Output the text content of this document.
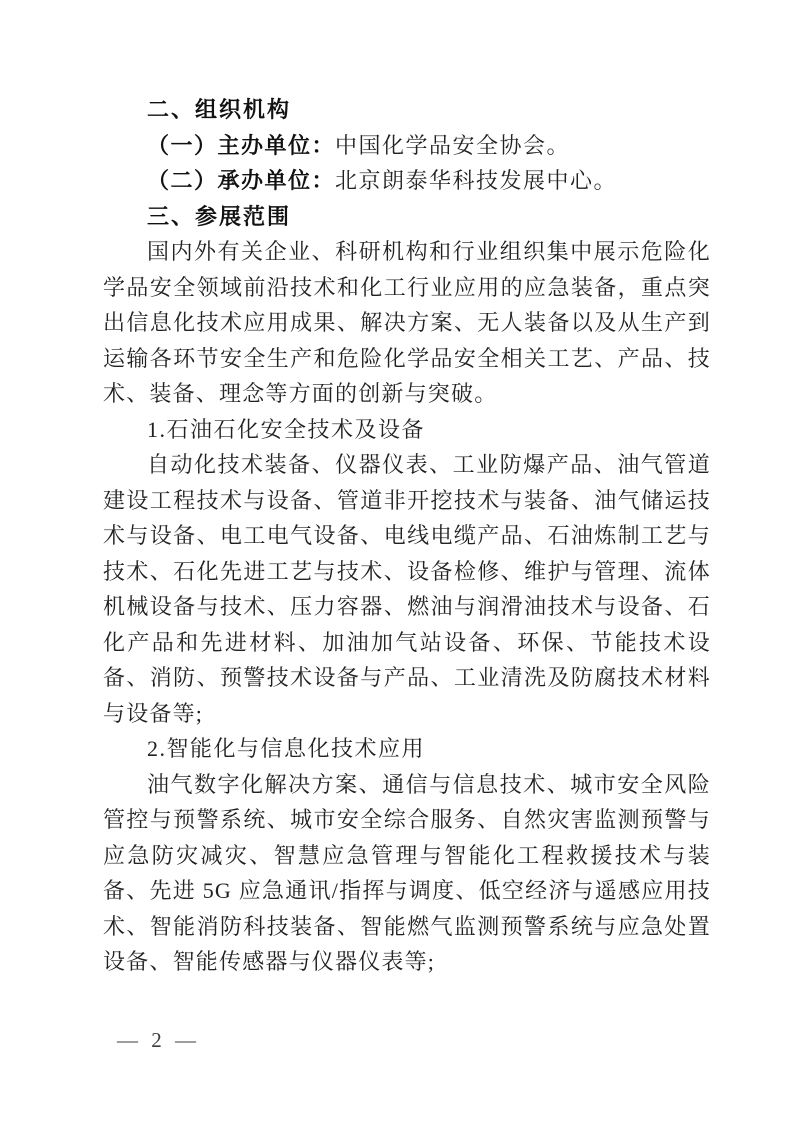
二、组织机构

（一）主办单位：中国化学品安全协会。

（二）承办单位：北京朗泰华科技发展中心。

三、参展范围

国内外有关企业、科研机构和行业组织集中展示危险化学品安全领域前沿技术和化工行业应用的应急装备，重点突出信息化技术应用成果、解决方案、无人装备以及从生产到运输各环节安全生产和危险化学品安全相关工艺、产品、技术、装备、理念等方面的创新与突破。

1.石油石化安全技术及设备

自动化技术装备、仪器仪表、工业防爆产品、油气管道建设工程技术与设备、管道非开挖技术与装备、油气储运技术与设备、电工电气设备、电线电缆产品、石油炼制工艺与技术、石化先进工艺与技术、设备检修、维护与管理、流体机械设备与技术、压力容器、燃油与润滑油技术与设备、石化产品和先进材料、加油加气站设备、环保、节能技术设备、消防、预警技术设备与产品、工业清洗及防腐技术材料与设备等;

2.智能化与信息化技术应用

油气数字化解决方案、通信与信息技术、城市安全风险管控与预警系统、城市安全综合服务、自然灾害监测预警与应急防灾减灾、智慧应急管理与智能化工程救援技术与装备、先进 5G 应急通讯/指挥与调度、低空经济与遥感应用技术、智能消防科技装备、智能燃气监测预警系统与应急处置设备、智能传感器与仪器仪表等;

— 2 —
